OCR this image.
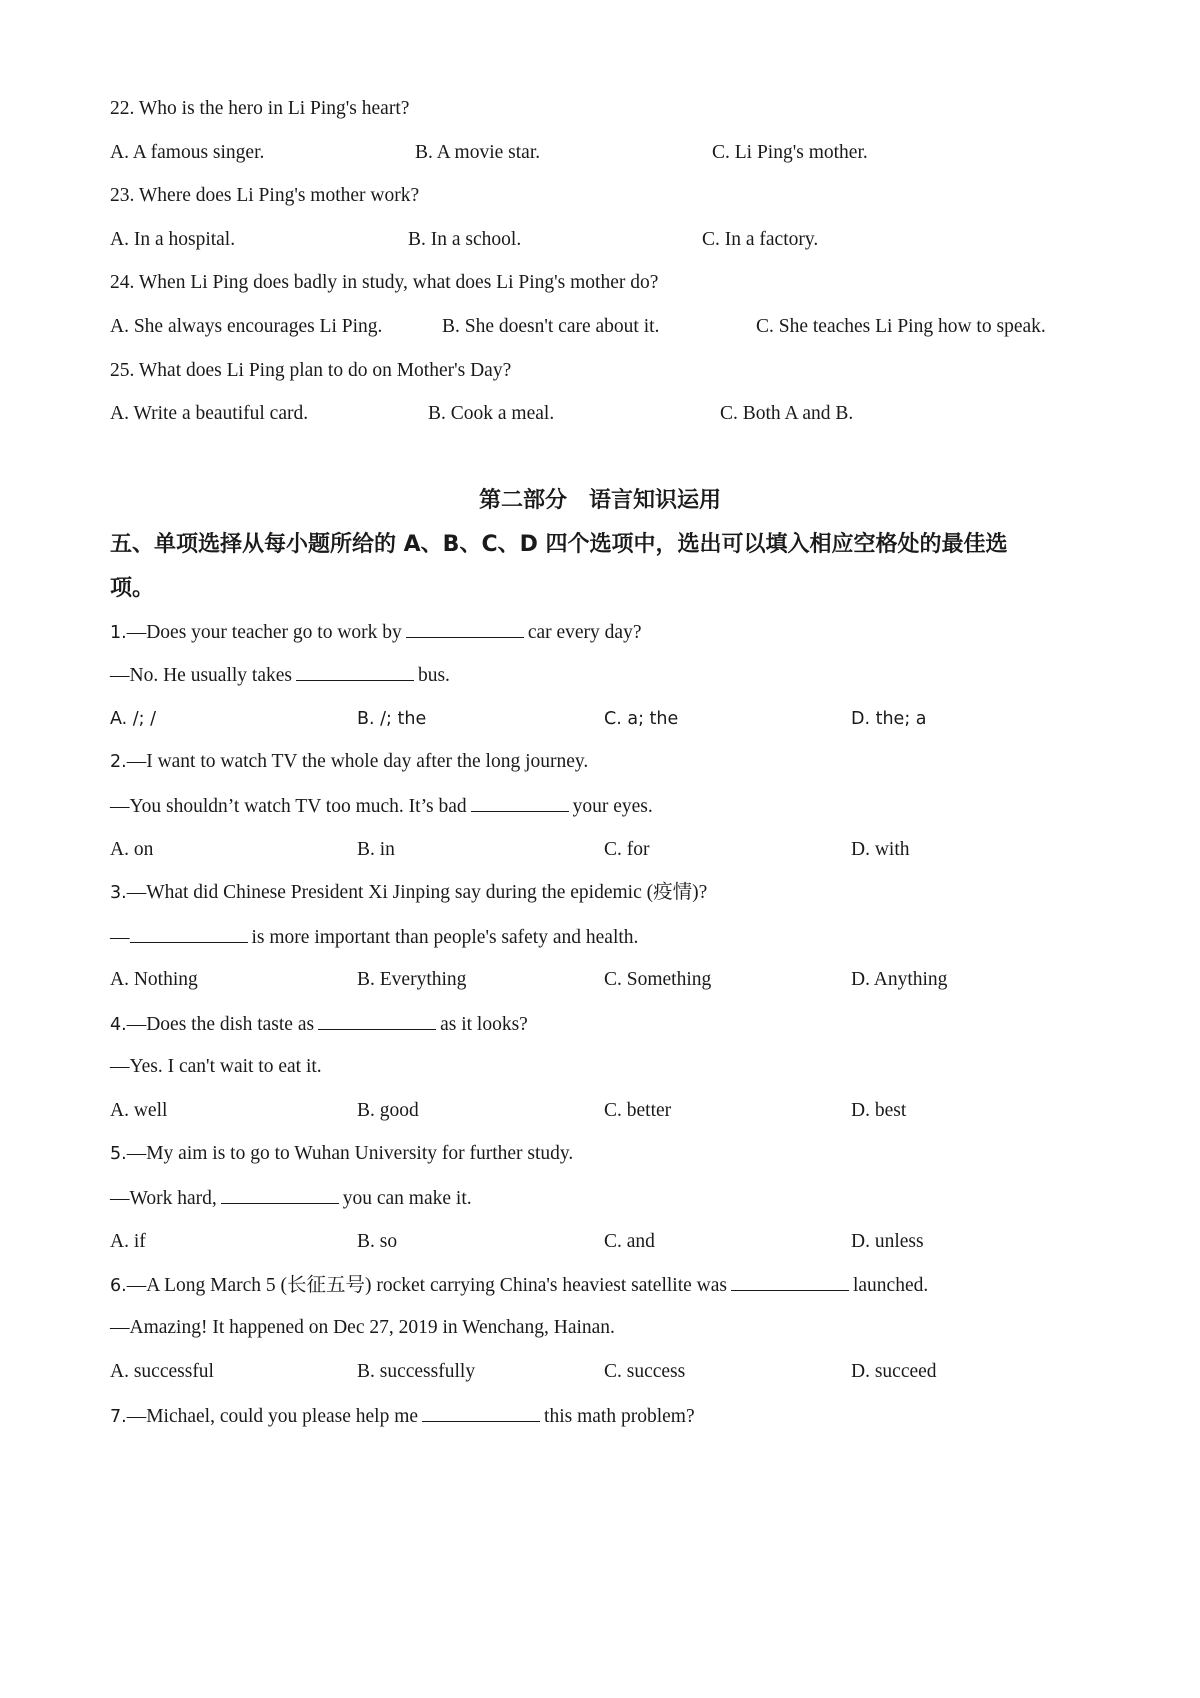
22. Who is the hero in Li Ping's heart?
A. A famous singer.	B. A movie star.	C. Li Ping's mother.
23. Where does Li Ping's mother work?
A. In a hospital.	B. In a school.	C. In a factory.
24. When Li Ping does badly in study, what does Li Ping's mother do?
A. She always encourages Li Ping.	B. She doesn't care about it.	C. She teaches Li Ping how to speak.
25. What does Li Ping plan to do on Mother's Day?
A. Write a beautiful card.	B. Cook a meal.	C. Both A and B.
第二部分　语言知识运用
五、单项选择从每小题所给的 A、B、C、D 四个选项中，选出可以填入相应空格处的最佳选
项。
1.—Does your teacher go to work by	car every day?
—No. He usually takes	bus.
A. /; /	B. /; the	C. a; the	D. the; a
2.—I want to watch TV the whole day after the long journey.
—You shouldn’t watch TV too much. It’s bad	your eyes.
A. on	B. in	C. for	D. with
3.—What did Chinese President Xi Jinping say during the epidemic (疫情)?
—	is more important than people's safety and health.
A. Nothing	B. Everything	C. Something	D. Anything
4.—Does the dish taste as	as it looks?
—Yes. I can't wait to eat it.
A. well	B. good	C. better	D. best
5.—My aim is to go to Wuhan University for further study.
—Work hard,	you can make it.
A. if	B. so	C. and	D. unless
6.—A Long March 5 (长征五号) rocket carrying China's heaviest satellite was	launched.
—Amazing! It happened on Dec 27, 2019 in Wenchang, Hainan.
A. successful	B. successfully	C. success	D. succeed
7.—Michael, could you please help me	this math problem?
